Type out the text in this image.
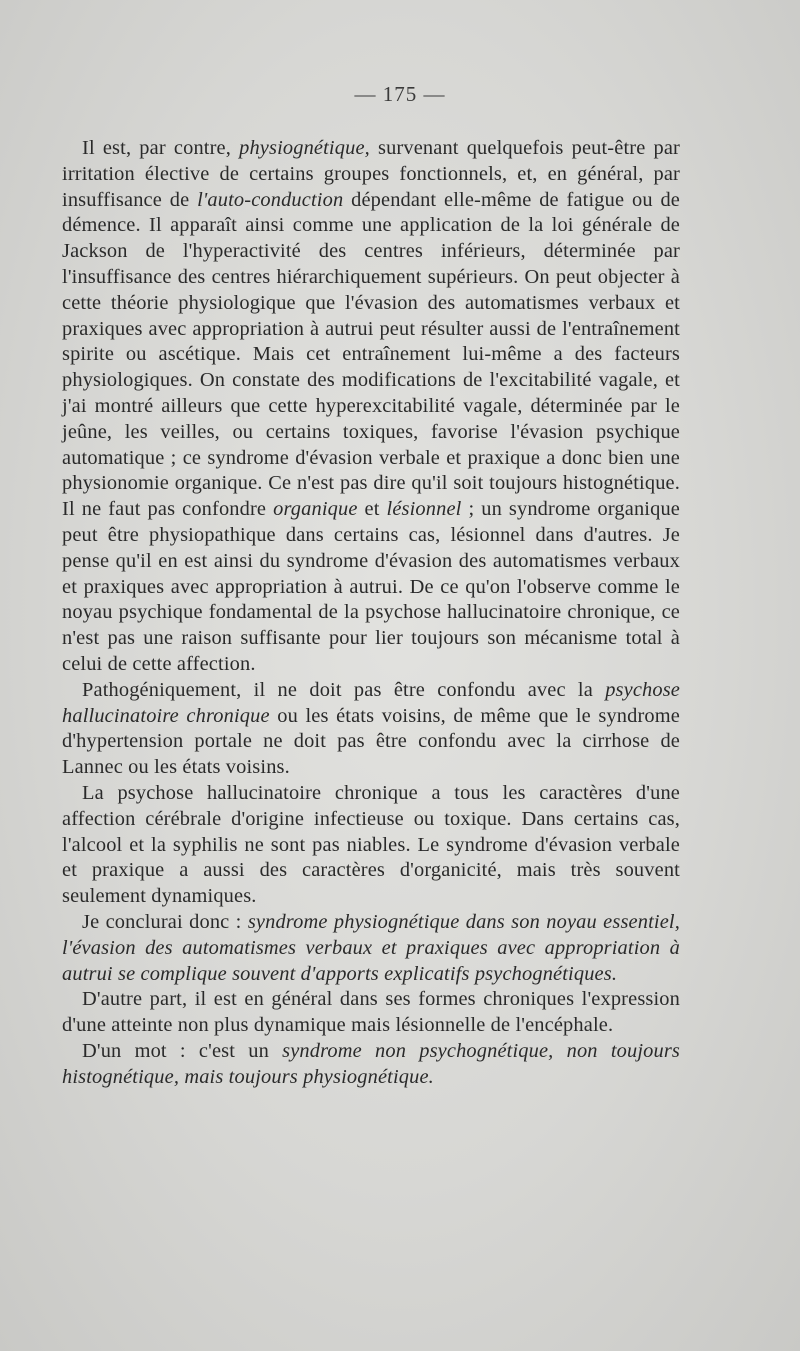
— 175 —

Il est, par contre, physiognétique, survenant quelquefois peut-être par irritation élective de certains groupes fonctionnels, et, en général, par insuffisance de l'auto-conduction dépendant elle-même de fatigue ou de démence. Il apparaît ainsi comme une application de la loi générale de Jackson de l'hyperactivité des centres inférieurs, déterminée par l'insuffisance des centres hiérarchiquement supérieurs. On peut objecter à cette théorie physiologique que l'évasion des automatismes verbaux et praxiques avec appropriation à autrui peut résulter aussi de l'entraînement spirite ou ascétique. Mais cet entraînement lui-même a des facteurs physiologiques. On constate des modifications de l'excitabilité vagale, et j'ai montré ailleurs que cette hyperexcitabilité vagale, déterminée par le jeûne, les veilles, ou certains toxiques, favorise l'évasion psychique automatique ; ce syndrome d'évasion verbale et praxique a donc bien une physionomie organique. Ce n'est pas dire qu'il soit toujours histognétique. Il ne faut pas confondre organique et lésionnel ; un syndrome organique peut être physiopathique dans certains cas, lésionnel dans d'autres. Je pense qu'il en est ainsi du syndrome d'évasion des automatismes verbaux et praxiques avec appropriation à autrui. De ce qu'on l'observe comme le noyau psychique fondamental de la psychose hallucinatoire chronique, ce n'est pas une raison suffisante pour lier toujours son mécanisme total à celui de cette affection.

Pathogéniquement, il ne doit pas être confondu avec la psychose hallucinatoire chronique ou les états voisins, de même que le syndrome d'hypertension portale ne doit pas être confondu avec la cirrhose de Lannec ou les états voisins.

La psychose hallucinatoire chronique a tous les caractères d'une affection cérébrale d'origine infectieuse ou toxique. Dans certains cas, l'alcool et la syphilis ne sont pas niables. Le syndrome d'évasion verbale et praxique a aussi des caractères d'organicité, mais très souvent seulement dynamiques.

Je conclurai donc : syndrome physiognétique dans son noyau essentiel, l'évasion des automatismes verbaux et praxiques avec appropriation à autrui se complique souvent d'apports explicatifs psychognétiques.

D'autre part, il est en général dans ses formes chroniques l'expression d'une atteinte non plus dynamique mais lésionnelle de l'encéphale.

D'un mot : c'est un syndrome non psychognétique, non toujours histognétique, mais toujours physiognétique.
